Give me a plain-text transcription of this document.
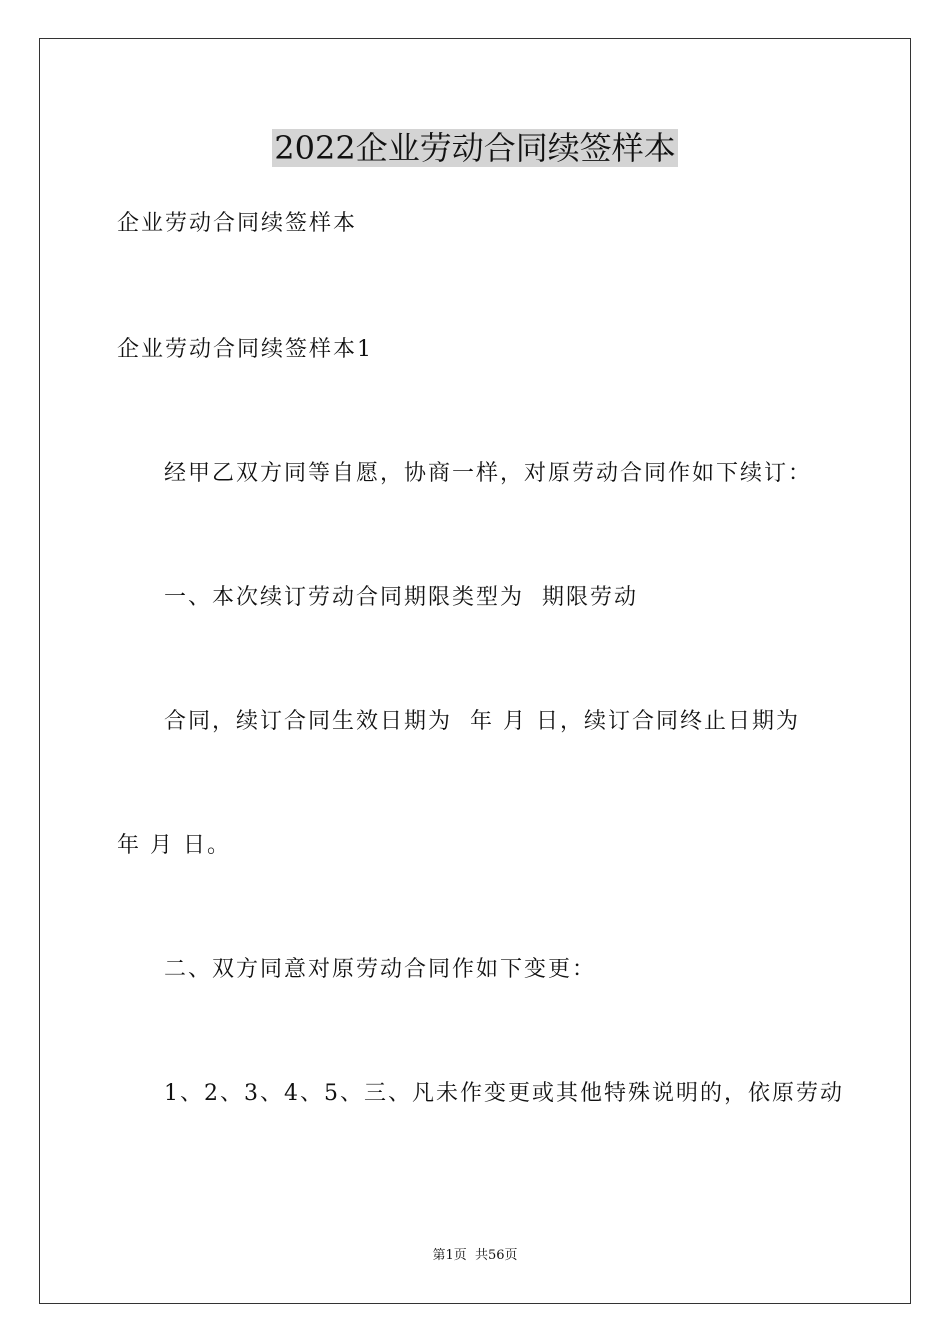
2022企业劳动合同续签样本

企业劳动合同续签样本

企业劳动合同续签样本1

经甲乙双方同等自愿，协商一样，对原劳动合同作如下续订：

一、本次续订劳动合同期限类型为  期限劳动

合同，续订合同生效日期为  年 月 日，续订合同终止日期为

年 月 日。

二、双方同意对原劳动合同作如下变更：

1、2、3、4、5、三、凡未作变更或其他特殊说明的，依原劳动

第1页  共56页
